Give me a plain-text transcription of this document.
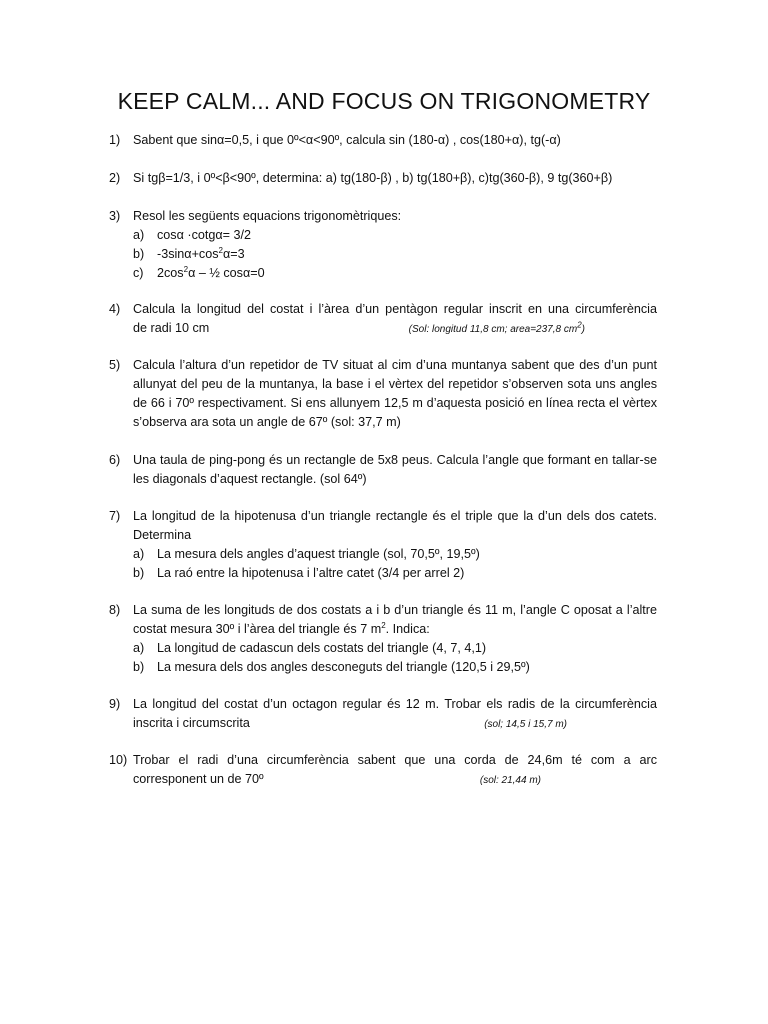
KEEP CALM... AND FOCUS ON TRIGONOMETRY
1)	Sabent que sinα=0,5, i que 0º<α<90º, calcula sin (180-α) , cos(180+α), tg(-α)
2)	Si tgβ=1/3, i 0º<β<90º, determina: a) tg(180-β) , b) tg(180+β), c)tg(360-β), 9 tg(360+β)
3)	Resol les següents equacions trigonomètriques:
a) cosα ·cotgα= 3/2
b) $-3\sin\alpha+\cos^2\alpha=3$
c) $2\cos^2\alpha$ – ½ cosα=0
4)	Calcula la longitud del costat i l’àrea d’un pentàgon regular inscrit en una circumferència
de radi 10 cm	(Sol: longitud 11,8 cm; area=237,8 $cm^2$)
5)	Calcula l’altura d’un repetidor de TV situat al cim d’una muntanya sabent que des d’un punt allunyat del peu de la muntanya, la base i el vèrtex del repetidor s’observen sota uns angles de 66 i 70º respectivament. Si ens allunyem 12,5 m d’aquesta posició en línea recta el vèrtex s’observa ara sota un angle de 67º (sol: 37,7 m)
6)	Una taula de ping-pong és un rectangle de 5x8 peus. Calcula l’angle que formant en tallar-se les diagonals d’aquest rectangle. (sol 64º)
7)	La longitud de la hipotenusa d’un triangle rectangle és el triple que la d’un dels dos catets. Determina
a) La mesura dels angles d’aquest triangle (sol, 70,5º, 19,5º)
b) La raó entre la hipotenusa i l’altre catet (3/4 per arrel 2)
8)	La suma de les longituds de dos costats a i b d’un triangle és 11 m, l’angle C oposat a l’altre costat mesura 30º i l’àrea del triangle és 7 $m^2$. Indica:
a) La longitud de cadascun dels costats del triangle (4, 7, 4,1)
b) La mesura dels dos angles desconeguts del triangle (120,5 i 29,5º)
9)	La longitud del costat d’un octagon regular és 12 m. Trobar els radis de la circumferència
inscrita i circumscrita	(sol; 14,5 i 15,7 m)
10) Trobar el radi d’una circumferència sabent que una corda de 24,6m té com a arc
corresponent un de 70º	(sol: 21,44 m)
